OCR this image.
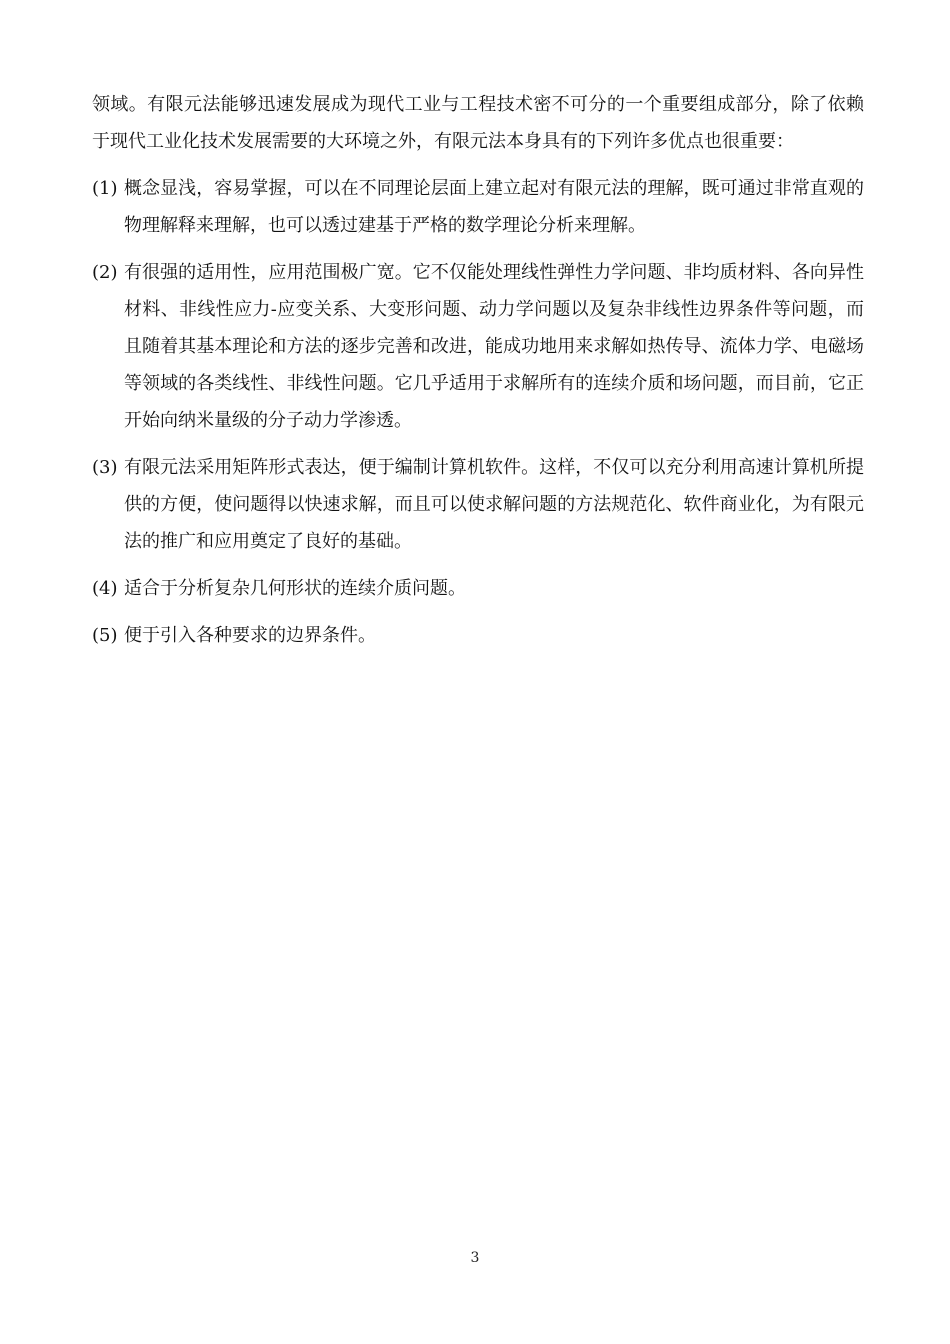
领域。有限元法能够迅速发展成为现代工业与工程技术密不可分的一个重要组成部分，除了依赖于现代工业化技术发展需要的大环境之外，有限元法本身具有的下列许多优点也很重要：

(1) 概念显浅，容易掌握，可以在不同理论层面上建立起对有限元法的理解，既可通过非常直观的物理解释来理解，也可以透过建基于严格的数学理论分析来理解。
(2) 有很强的适用性，应用范围极广宽。它不仅能处理线性弹性力学问题、非均质材料、各向异性材料、非线性应力-应变关系、大变形问题、动力学问题以及复杂非线性边界条件等问题，而且随着其基本理论和方法的逐步完善和改进，能成功地用来求解如热传导、流体力学、电磁场等领域的各类线性、非线性问题。它几乎适用于求解所有的连续介质和场问题，而目前，它正开始向纳米量级的分子动力学渗透。
(3) 有限元法采用矩阵形式表达，便于编制计算机软件。这样，不仅可以充分利用高速计算机所提供的方便，使问题得以快速求解，而且可以使求解问题的方法规范化、软件商业化，为有限元法的推广和应用奠定了良好的基础。
(4) 适合于分析复杂几何形状的连续介质问题。
(5) 便于引入各种要求的边界条件。
3
